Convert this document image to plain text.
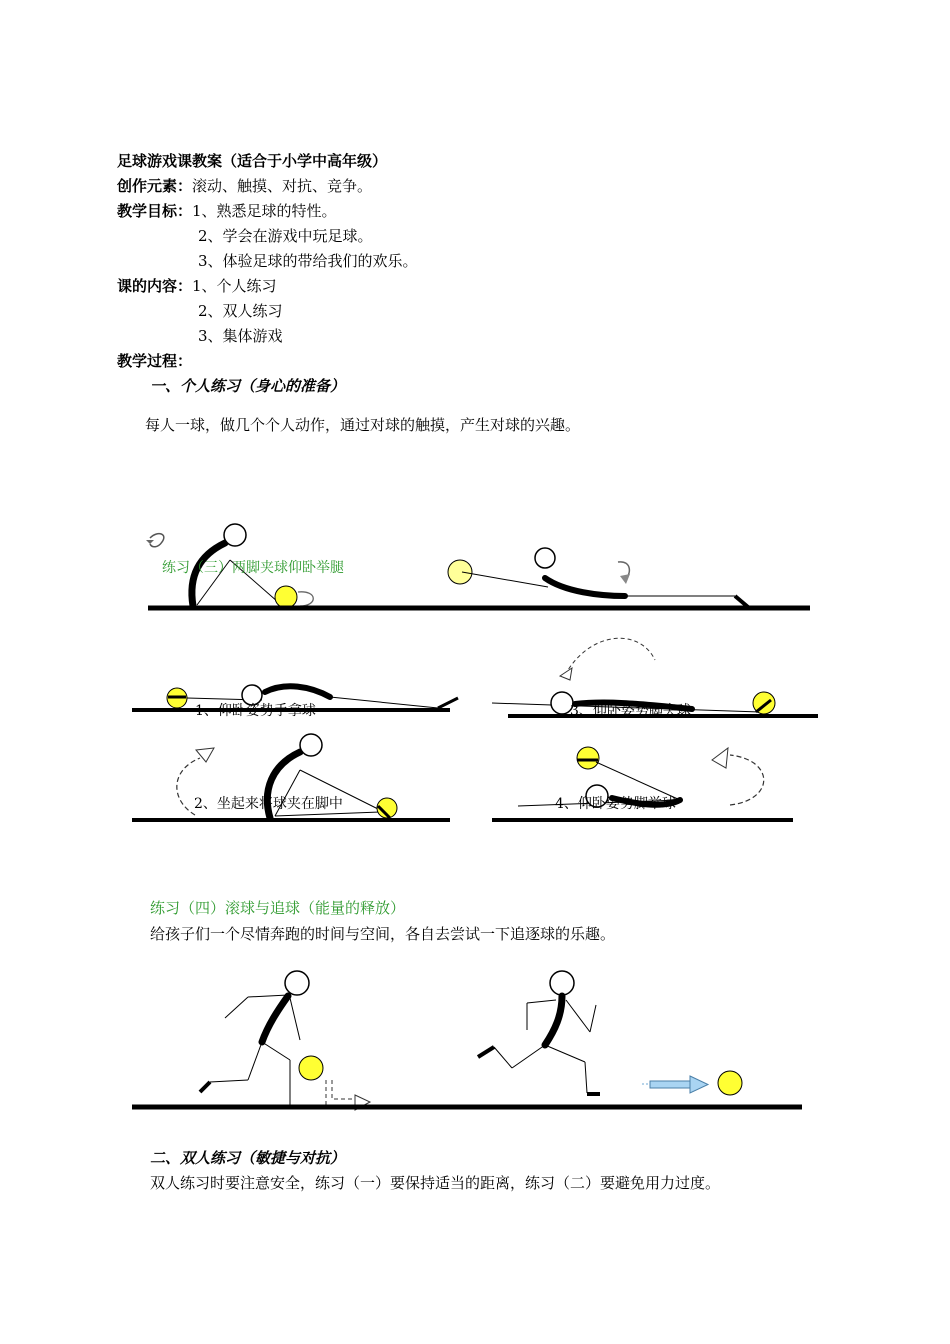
足球游戏课教案（适合于小学中高年级）
创作元素：滚动、触摸、对抗、竞争。
教学目标：1、熟悉足球的特性。
2、学会在游戏中玩足球。
3、体验足球的带给我们的欢乐。
课的内容：1、个人练习
2、双人练习
3、集体游戏
教学过程：
一、个人练习（身心的准备）
每人一球，做几个个人动作，通过对球的触摸，产生对球的兴趣。
练习（三）两脚夹球仰卧举腿
1、仰卧姿势手拿球	3、仰卧姿势脚夹球
2、坐起来将球夹在脚中	4、仰卧姿势脚举球
练习（四）滚球与追球（能量的释放）
给孩子们一个尽情奔跑的时间与空间，各自去尝试一下追逐球的乐趣。
二、双人练习（敏捷与对抗）
双人练习时要注意安全，练习（一）要保持适当的距离，练习（二）要避免用力过度。
